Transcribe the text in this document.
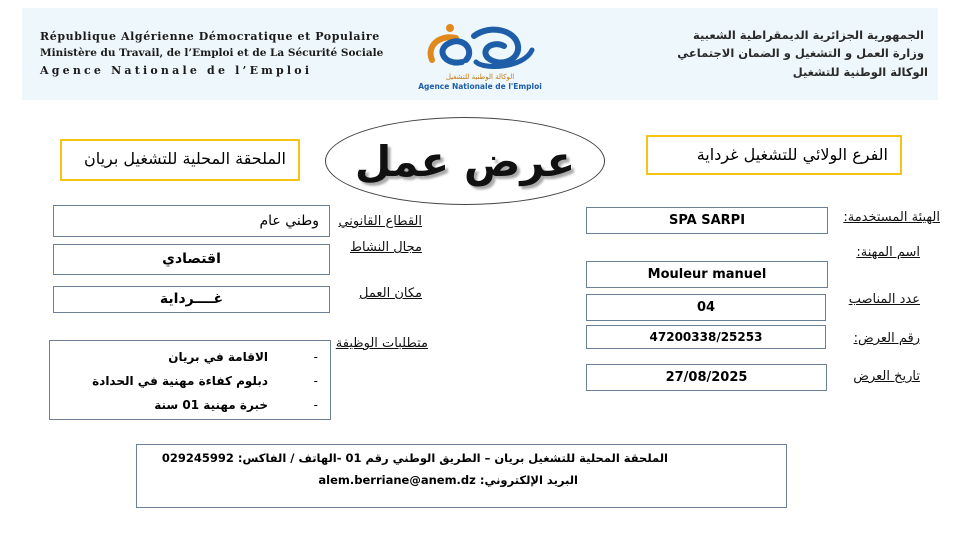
République Algérienne Démocratique et Populaire
Ministère du Travail, de l’Emploi et de La Sécurité Sociale
Agence Nationale de l’Emploi
الجمهورية الجزائرية الديمقراطية الشعبية
وزارة العمل و التشغيل و الضمان الاجتماعي
الوكالة الوطنية للتشغيل
الوكالة الوطنية للتشغيل
Agence Nationale de l'Emploi
الملحقة المحلية للتشغيل بريان	عرض عمل	الفرع الولائي للتشغيل غرداية
القطاع القانوني
وطني عام
مجال النشاط
اقتصادي
مكان العمل
غــــرداية
متطلبات الوظيفة
-
الاقامة في بريان
-
دبلوم كفاءة مهنية في الحدادة
-
خبرة مهنية 01 سنة
الهيئة المستخدمة:
SPA SARPI
اسم المهنة:
Mouleur manuel
عدد المناصب
04
رقم العرض:
47200338/25253
تاريخ العرض
27/08/2025
الملحقة المحلية للتشغيل بريان – الطريق الوطني رقم 01 -الهاتف / الفاكس: 029245992
البريد الإلكتروني: alem.berriane@anem.dz
